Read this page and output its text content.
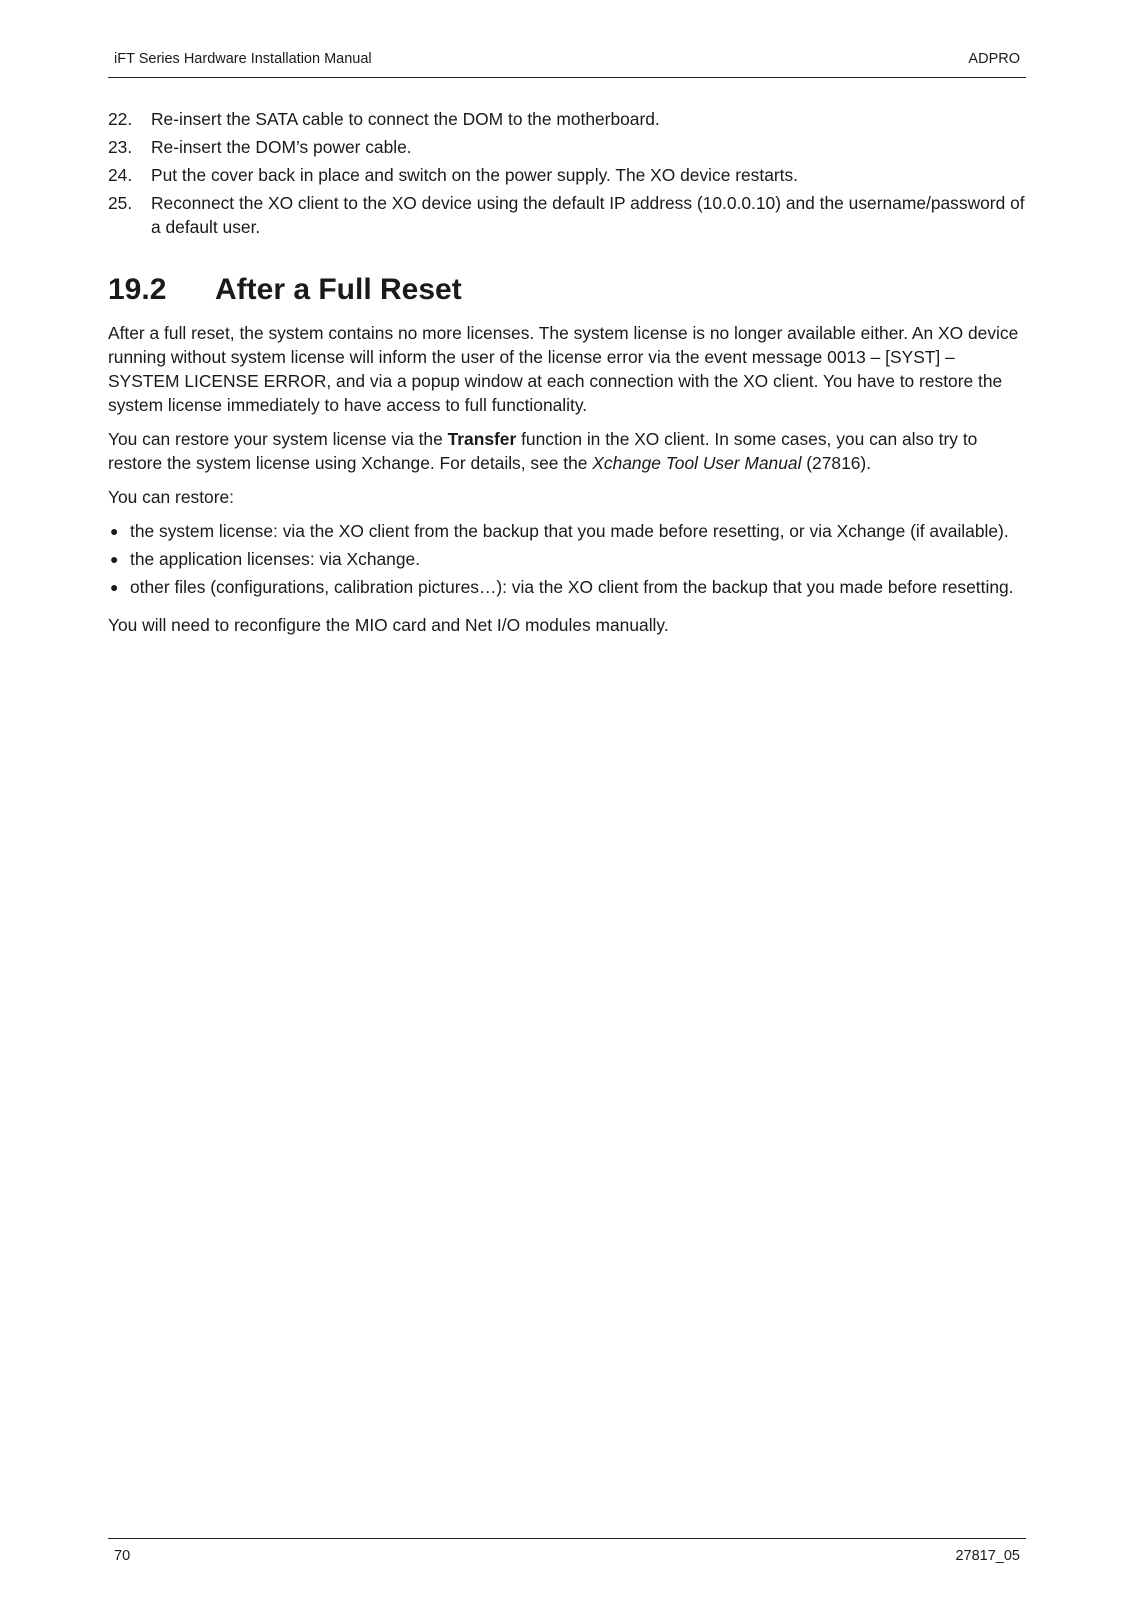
iFT Series Hardware Installation Manual	ADPRO
22. Re-insert the SATA cable to connect the DOM to the motherboard.
23. Re-insert the DOM’s power cable.
24. Put the cover back in place and switch on the power supply. The XO device restarts.
25. Reconnect the XO client to the XO device using the default IP address (10.0.0.10) and the username/password of a default user.
19.2 After a Full Reset

After a full reset, the system contains no more licenses. The system license is no longer available either. An XO device running without system license will inform the user of the license error via the event message 0013 – [SYST] – SYSTEM LICENSE ERROR, and via a popup window at each connection with the XO client. You have to restore the system license immediately to have access to full functionality.

You can restore your system license via the Transfer function in the XO client. In some cases, you can also try to restore the system license using Xchange. For details, see the Xchange Tool User Manual (27816).

You can restore:

● the system license: via the XO client from the backup that you made before resetting, or via Xchange (if available).
● the application licenses: via Xchange.
● other files (configurations, calibration pictures…): via the XO client from the backup that you made before resetting.

You will need to reconfigure the MIO card and Net I/O modules manually.

70	27817_05
